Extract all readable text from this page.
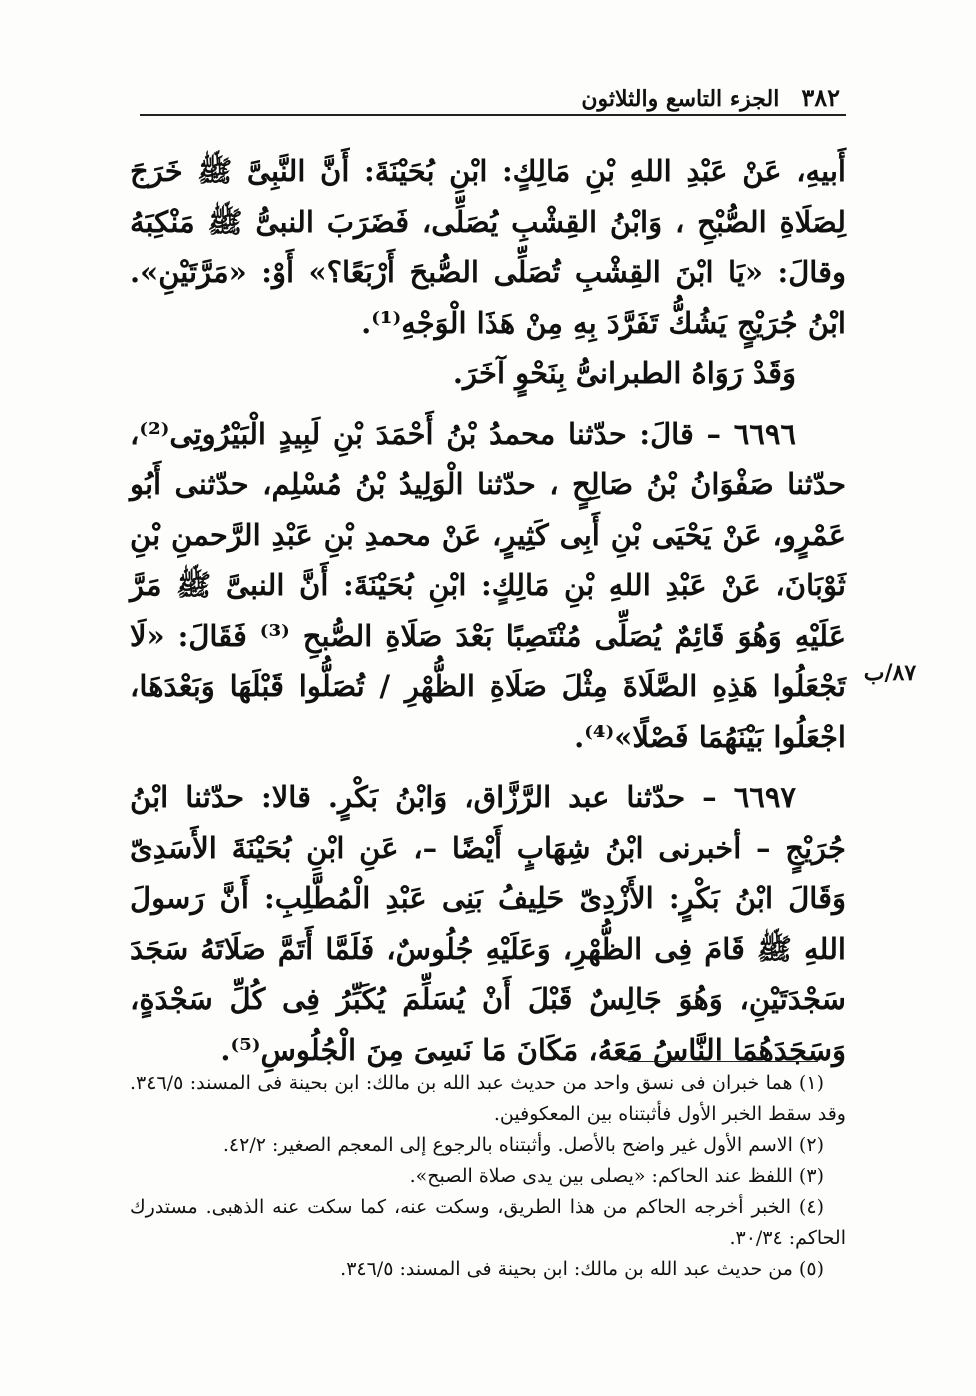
٣٨٢
الجزء التاسع والثلاثون

أَبيهِ، عَنْ عَبْدِ اللهِ بْنِ مَالِكٍ: ابْنِ بُحَيْنَةَ: أَنَّ النَّبِىَّ ﷺ خَرَجَ لِصَلَاةِ الصُّبْحِ ، وَابْنُ القِشْبِ يُصَلِّى، فَضَرَبَ النبىُّ ﷺ مَنْكِبَهُ وقالَ: «يَا ابْنَ القِشْبِ تُصَلِّى الصُّبحَ أَرْبَعًا؟» أَوْ: «مَرَّتَيْنِ». ابْنُ جُرَيْجٍ يَشُكُّ تَفَرَّدَ بِهِ مِنْ هَذَا الْوَجْهِ⁽¹⁾.

وَقَدْ رَوَاهُ الطبرانىُّ بِنَحْوٍ آخَرَ.

٦٦٩٦ – قالَ: حدّثنا محمدُ بْنُ أَحْمَدَ بْنِ لَبِيدٍ الْبَيْرُوتِى⁽²⁾، حدّثنا صَفْوَانُ بْنُ صَالِحٍ ، حدّثنا الْوَلِيدُ بْنُ مُسْلِم، حدّثنى أَبُو عَمْرٍو، عَنْ يَحْيَى بْنِ أَبِى كَثِيرٍ، عَنْ محمدِ بْنِ عَبْدِ الرَّحمنِ بْنِ ثَوْبَانَ، عَنْ عَبْدِ اللهِ بْنِ مَالِكٍ: ابْنِ بُحَيْنَةَ: أَنَّ النبىَّ ﷺ مَرَّ عَلَيْهِ وَهُوَ قَائِمٌ يُصَلِّى مُنْتَصِبًا بَعْدَ صَلَاةِ الصُّبحِ ⁽³⁾ فَقَالَ: «لَا تَجْعَلُوا هَذِهِ الصَّلَاةَ مِثْلَ صَلَاةِ الظُّهْرِ / تُصَلُّوا قَبْلَهَا وَبَعْدَهَا، اجْعَلُوا بَيْنَهُمَا فَصْلًا»⁽⁴⁾.

٦٦٩٧ – حدّثنا عبد الرَّزَّاق، وَابْنُ بَكْرٍ. قالا: حدّثنا ابْنُ جُرَيْجٍ – أخبرنى ابْنُ شِهَابٍ أَيْضًا –، عَنِ ابْنِ بُحَيْنَةَ الأَسَدِىّ وَقَالَ ابْنُ بَكْرٍ: الأَزْدِىّ حَلِيفُ بَنِى عَبْدِ الْمُطَّلِبِ: أَنَّ رَسولَ اللهِ ﷺ قَامَ فِى الظُّهْرِ، وَعَلَيْهِ جُلُوسٌ، فَلَمَّا أَتَمَّ صَلَاتَهُ سَجَدَ سَجْدَتَيْنِ، وَهُوَ جَالِسٌ قَبْلَ أَنْ يُسَلِّمَ يُكَبِّرُ فِى كُلِّ سَجْدَةٍ، وَسَجَدَهُمَا النَّاسُ مَعَهُ، مَكَانَ مَا نَسِىَ مِنَ الْجُلُوسِ⁽⁵⁾.

٨٧/ب

(١) هما خبران فى نسق واحد من حديث عبد الله بن مالك: ابن بحينة فى المسند: ٣٤٦/٥. وقد سقط الخبر الأول فأثبتناه بين المعكوفين.

(٢) الاسم الأول غير واضح بالأصل. وأثبتناه بالرجوع إلى المعجم الصغير: ٤٢/٢.

(٣) اللفظ عند الحاكم: «يصلى بين يدى صلاة الصبح».

(٤) الخبر أخرجه الحاكم من هذا الطريق، وسكت عنه، كما سكت عنه الذهبى. مستدرك الحاكم: ٣٠/٣٤.

(٥) من حديث عبد الله بن مالك: ابن بحينة فى المسند: ٣٤٦/٥.
